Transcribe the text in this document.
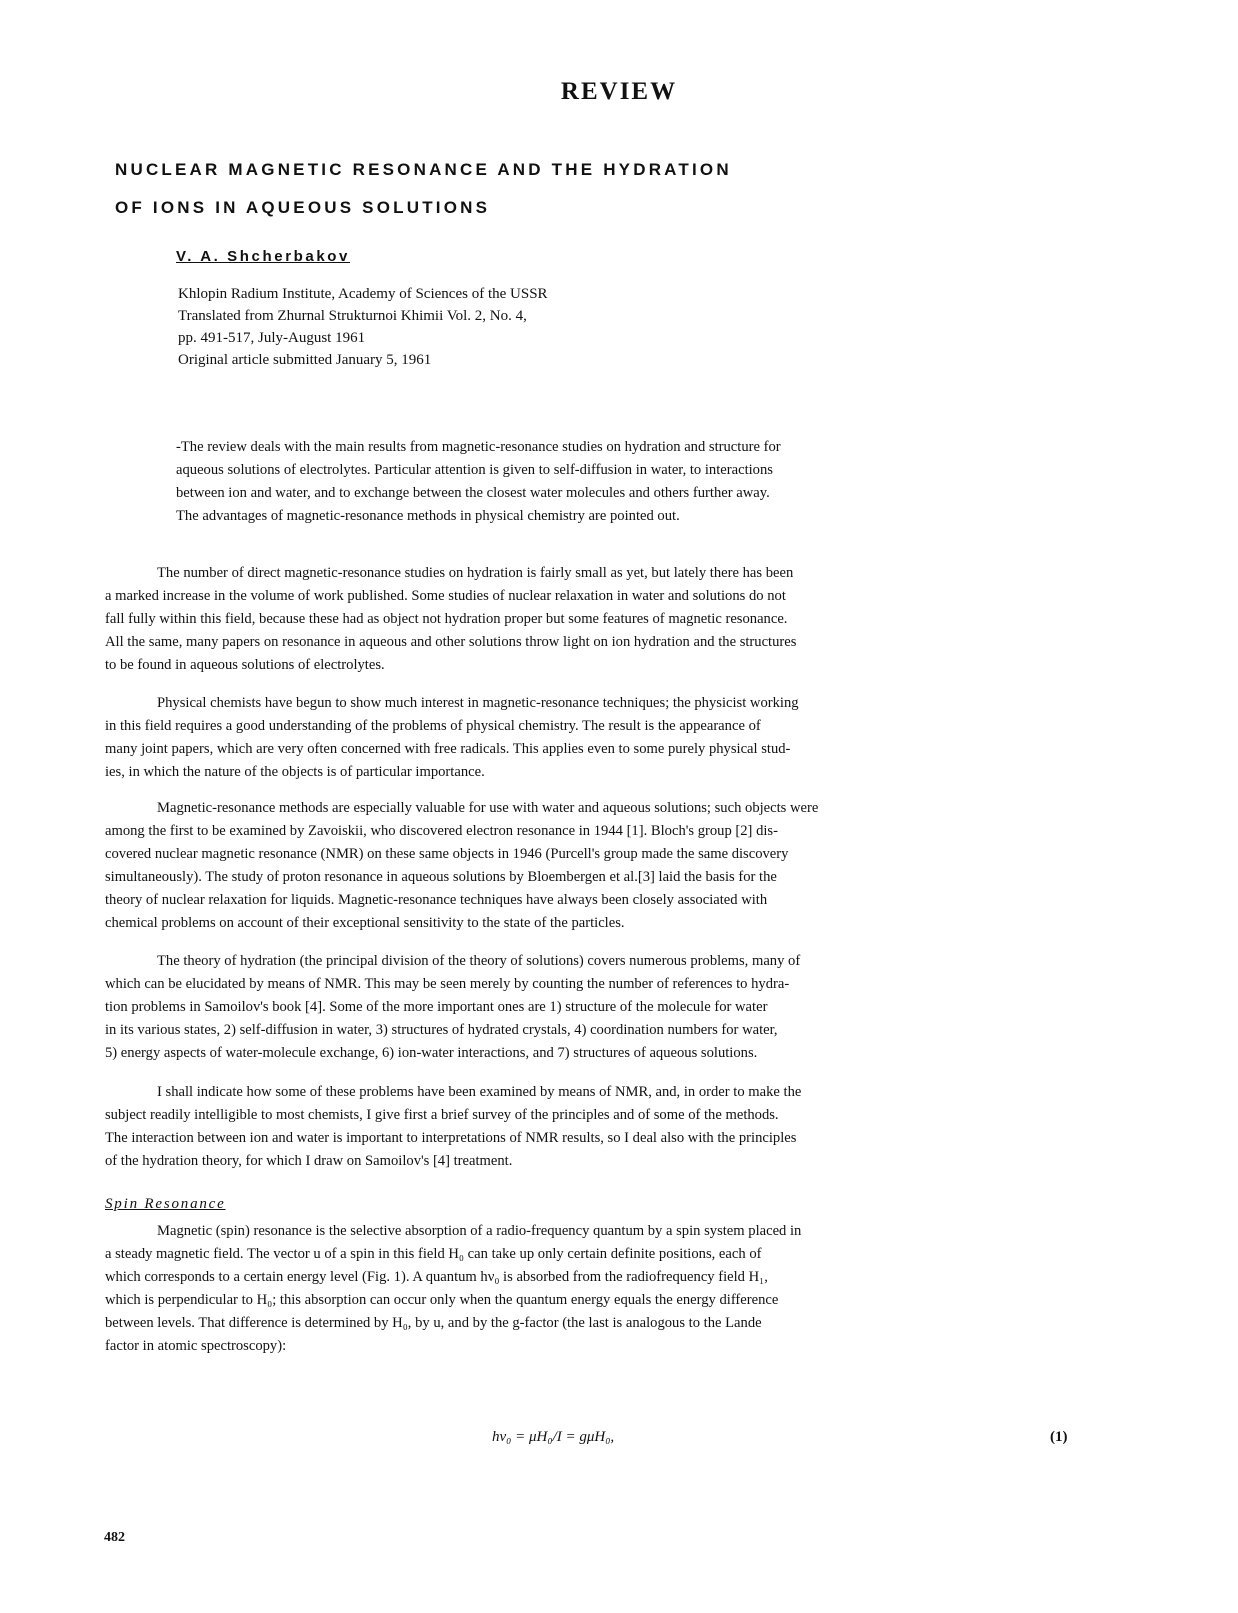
REVIEW
NUCLEAR MAGNETIC RESONANCE AND THE HYDRATION
OF IONS IN AQUEOUS SOLUTIONS
V. A. Shcherbakov
Khlopin Radium Institute, Academy of Sciences of the USSR
Translated from Zhurnal Strukturnoi Khimii Vol. 2, No. 4,
pp. 491-517, July-August 1961
Original article submitted January 5, 1961
-The review deals with the main results from magnetic-resonance studies on hydration and structure for
aqueous solutions of electrolytes. Particular attention is given to self-diffusion in water, to interactions
between ion and water, and to exchange between the closest water molecules and others further away.
The advantages of magnetic-resonance methods in physical chemistry are pointed out.
The number of direct magnetic-resonance studies on hydration is fairly small as yet, but lately there has been
a marked increase in the volume of work published. Some studies of nuclear relaxation in water and solutions do not
fall fully within this field, because these had as object not hydration proper but some features of magnetic resonance.
All the same, many papers on resonance in aqueous and other solutions throw light on ion hydration and the structures
to be found in aqueous solutions of electrolytes.
Physical chemists have begun to show much interest in magnetic-resonance techniques; the physicist working
in this field requires a good understanding of the problems of physical chemistry. The result is the appearance of
many joint papers, which are very often concerned with free radicals. This applies even to some purely physical stud-
ies, in which the nature of the objects is of particular importance.
Magnetic-resonance methods are especially valuable for use with water and aqueous solutions; such objects were
among the first to be examined by Zavoiskii, who discovered electron resonance in 1944 [1]. Bloch's group [2] dis-
covered nuclear magnetic resonance (NMR) on these same objects in 1946 (Purcell's group made the same discovery
simultaneously). The study of proton resonance in aqueous solutions by Bloembergen et al.[3] laid the basis for the
theory of nuclear relaxation for liquids. Magnetic-resonance techniques have always been closely associated with
chemical problems on account of their exceptional sensitivity to the state of the particles.
The theory of hydration (the principal division of the theory of solutions) covers numerous problems, many of
which can be elucidated by means of NMR. This may be seen merely by counting the number of references to hydra-
tion problems in Samoilov's book [4]. Some of the more important ones are 1) structure of the molecule for water
in its various states, 2) self-diffusion in water, 3) structures of hydrated crystals, 4) coordination numbers for water,
5) energy aspects of water-molecule exchange, 6) ion-water interactions, and 7) structures of aqueous solutions.
I shall indicate how some of these problems have been examined by means of NMR, and, in order to make the
subject readily intelligible to most chemists, I give first a brief survey of the principles and of some of the methods.
The interaction between ion and water is important to interpretations of NMR results, so I deal also with the principles
of the hydration theory, for which I draw on Samoilov's [4] treatment.
Spin Resonance
Magnetic (spin) resonance is the selective absorption of a radio-frequency quantum by a spin system placed in
a steady magnetic field. The vector u of a spin in this field H₀ can take up only certain definite positions, each of
which corresponds to a certain energy level (Fig. 1). A quantum hν₀ is absorbed from the radiofrequency field H₁,
which is perpendicular to H₀; this absorption can occur only when the quantum energy equals the energy difference
between levels. That difference is determined by H₀, by u, and by the g-factor (the last is analogous to the Lande
factor in atomic spectroscopy):
hν₀ = μH₀/I = gμH₀,	(1)
482
